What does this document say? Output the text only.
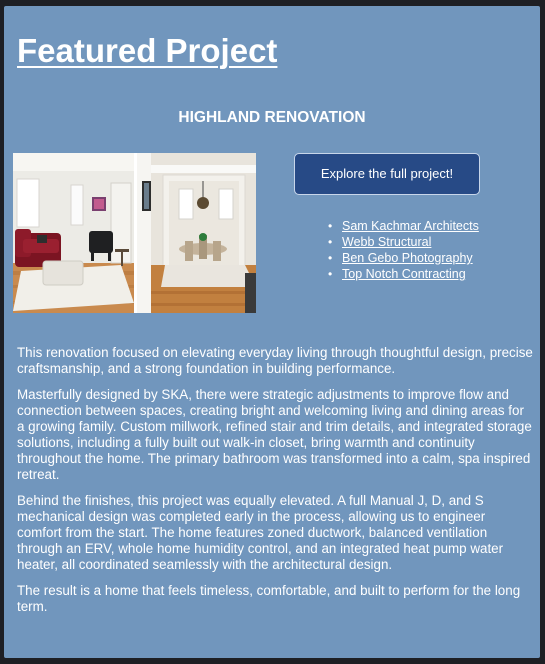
Featured Project
HIGHLAND RENOVATION
Explore the full project!
• Sam Kachmar Architects
• Webb Structural
• Ben Gebo Photography
• Top Notch Contracting

This renovation focused on elevating everyday living through thoughtful design, precise craftsmanship, and a strong foundation in building performance.

Masterfully designed by SKA, there were strategic adjustments to improve flow and connection between spaces, creating bright and welcoming living and dining areas for a growing family. Custom millwork, refined stair and trim details, and integrated storage solutions, including a fully built out walk-in closet, bring warmth and continuity throughout the home. The primary bathroom was transformed into a calm, spa inspired retreat.

Behind the finishes, this project was equally elevated. A full Manual J, D, and S mechanical design was completed early in the process, allowing us to engineer comfort from the start. The home features zoned ductwork, balanced ventilation through an ERV, whole home humidity control, and an integrated heat pump water heater, all coordinated seamlessly with the architectural design.

The result is a home that feels timeless, comfortable, and built to perform for the long term.
